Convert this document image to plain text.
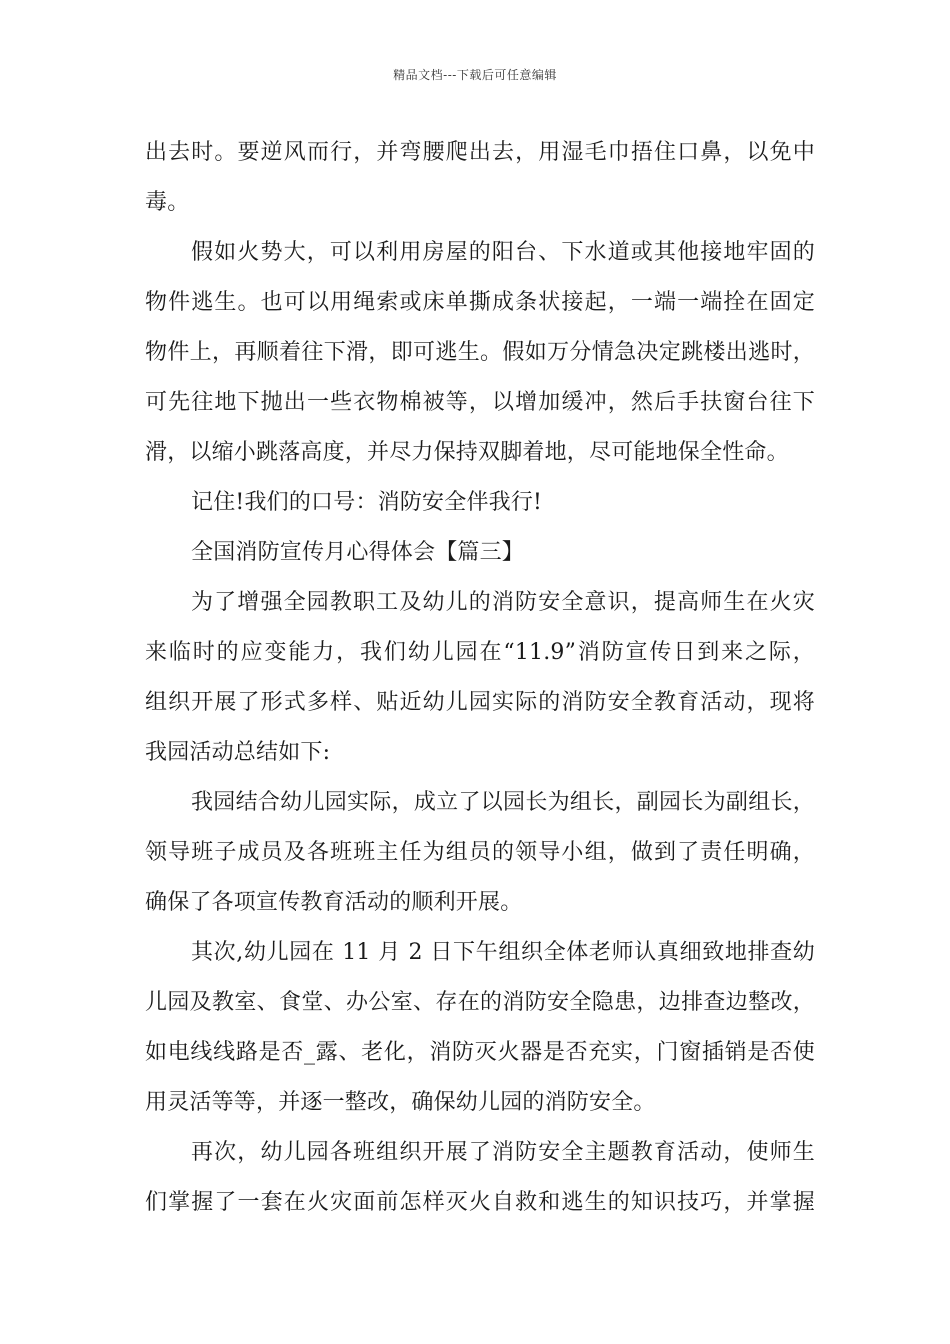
精品文档---下载后可任意编辑
出去时。要逆风而行，并弯腰爬出去，用湿毛巾捂住口鼻，以免中
毒。
假如火势大，可以利用房屋的阳台、下水道或其他接地牢固的
物件逃生。也可以用绳索或床单撕成条状接起，一端一端拴在固定
物件上，再顺着往下滑，即可逃生。假如万分情急决定跳楼出逃时，
可先往地下抛出一些衣物棉被等，以增加缓冲，然后手扶窗台往下
滑，以缩小跳落高度，并尽力保持双脚着地，尽可能地保全性命。
记住!我们的口号：消防安全伴我行!
全国消防宣传月心得体会【篇三】
为了增强全园教职工及幼儿的消防安全意识，提高师生在火灾
来临时的应变能力，我们幼儿园在“11.9”消防宣传日到来之际，
组织开展了形式多样、贴近幼儿园实际的消防安全教育活动，现将
我园活动总结如下:
我园结合幼儿园实际，成立了以园长为组长，副园长为副组长，
领导班子成员及各班班主任为组员的领导小组，做到了责任明确，
确保了各项宣传教育活动的顺利开展。
其次,幼儿园在 11 月 2 日下午组织全体老师认真细致地排查幼
儿园及教室、食堂、办公室、存在的消防安全隐患，边排查边整改，
如电线线路是否_露、老化，消防灭火器是否充实，门窗插销是否使
用灵活等等，并逐一整改，确保幼儿园的消防安全。
再次，幼儿园各班组织开展了消防安全主题教育活动，使师生
们掌握了一套在火灾面前怎样灭火自救和逃生的知识技巧，并掌握
